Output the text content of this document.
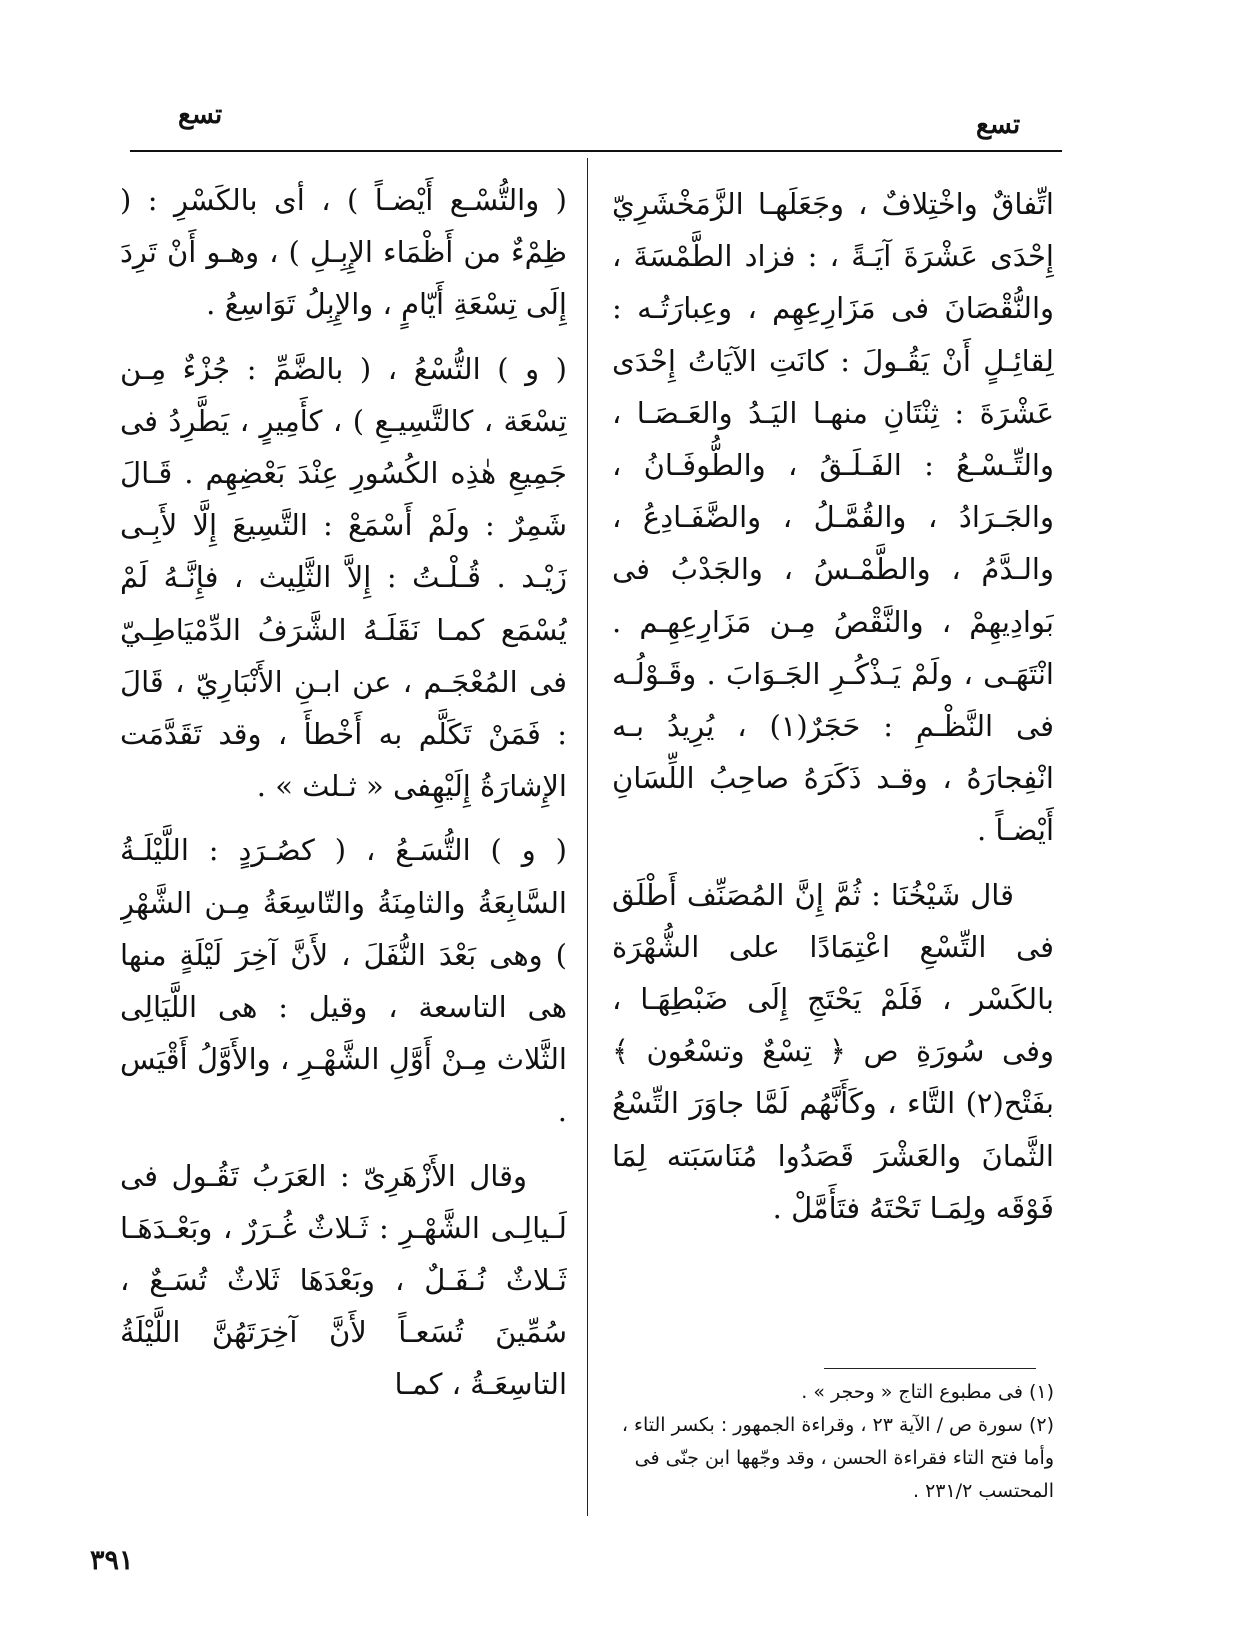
تسع
تسع

اتِّفاقٌ واخْتِلافٌ ، وجَعَلَهـا الزَّمَخْشَرِيّ إِحْدَى عَشْرَةَ آيَـةً ، : فزاد الطَّمْسَةَ ، والنُّقْصَانَ فى مَزَارِعِهِم ، وعِبارَتُـه : لِقائِـلٍ أَنْ يَقُـولَ : كانَتِ الآيَاتُ إِحْدَى عَشْرَةَ : ثِنْتَانِ منهـا اليَـدُ والعَـصَـا ، والتِّـسْـعُ : الفَـلَـقُ ، والطُّوفَـانُ ، والجَـرَادُ ، والقُمَّـلُ ، والضَّفَـادِعُ ، والـدَّمُ ، والطَّمْـسُ ، والجَدْبُ فى بَوادِيهِمْ ، والنَّقْصُ مِـن مَزَارِعِهِـم . انْتَهَـى ، ولَمْ يَـذْكُـرِ الجَـوَابَ . وقَـوْلُـه فى النَّظْـمِ : حَجَرٌ(١) ، يُرِيدُ بـه انْفِجارَهُ ، وقـد ذَكَرَهُ صاحِبُ اللِّسَانِ أَيْضـاً .

قال شَيْخُنَا : ثُمَّ إِنَّ المُصَنِّف أَطْلَق فى التِّسْعِ اعْتِمَادًا على الشُّهْرَة بالكَسْر ، فَلَمْ يَحْتَجِ إِلَى ضَبْطِهَـا ، وفى سُورَةِ ص ﴿ تِسْعٌ وتسْعُون ﴾ بفَتْح(٢) التَّاء ، وكَأَنَّهُم لَمَّا جاوَرَ التِّسْعُ الثَّمانَ والعَشْرَ قَصَدُوا مُنَاسَبَته لِمَا فَوْقَه ولِمَـا تَحْتَهُ فتَأَمَّلْ .

(١) فى مطبوع التاج « وحجر » .

(٢) سورة ص / الآية ٢٣ ، وقراءة الجمهور : بكسر التاء ، وأما فتح التاء فقراءة الحسن ، وقد وجّهها ابن جنّى فى المحتسب ٢٣١/٢ .

( والتُّسْـع أَيْضـاً ) ، أى بالكَسْرِ : ( ظِمْءٌ من أَظْمَاء الإِبِـلِ ) ، وهـو أَنْ تَرِدَ إِلَى تِسْعَةِ أَيّامٍ ، والإِبِلُ تَوَاسِعُ .

( و ) التُّسْعُ ، ( بالضَّمِّ : جُزْءٌ مِـن تِسْعَة ، كالتَّسِيـعِ ) ، كأَمِيرٍ ، يَطَّرِدُ فى جَمِيعِ هٰذِه الكُسُورِ عِنْدَ بَعْضِهِم . قَـالَ شَمِرٌ : ولَمْ أَسْمَعْ : التَّسِيعَ إِلَّا لأَبِـى زَيْـد . قُـلْـتُ : إِلاَّ الثَّلِيث ، فإِنَّـهُ لَمْ يُسْمَع كمـا نَقَلَـهُ الشَّرَفُ الدِّمْيَاطِـيّ فى المُعْجَـم ، عن ابـنِ الأَنْبَارِيّ ، قَالَ : فَمَنْ تَكَلَّم به أَخْطأَ ، وقد تَقَدَّمَت الإِشارَةُ إِلَيْهِفى « ثـلث » .

( و ) التُّسَـعُ ، ( كصُـرَدٍ : اللَّيْلَـةُ السَّابِعَةُ والثامِنَةُ والتّاسِعَةُ مِـن الشَّهْرِ ) وهى بَعْدَ النُّفَلَ ، لأَنَّ آخِرَ لَيْلَةٍ منها هى التاسعة ، وقيل : هى اللَّيَالِى الثَّلاث مِـنْ أَوَّلِ الشَّهْـرِ ، والأَوَّلُ أَقْيَس .

وقال الأَزْهَرِىّ : العَرَبُ تَقُـول فى لَـيالِـى الشَّهْـرِ : ثَـلاثٌ غُـرَرٌ ، وبَعْـدَهَـا ثَـلاثٌ نُـفَـلٌ ، وبَعْدَهَا ثَلاثٌ تُسَـعٌ ، سُمِّينَ تُسَعـاً لأَنَّ آخِرَتَهُنَّ اللَّيْلَةُ التاسِعَـةُ ، كمـا

٣٩١
